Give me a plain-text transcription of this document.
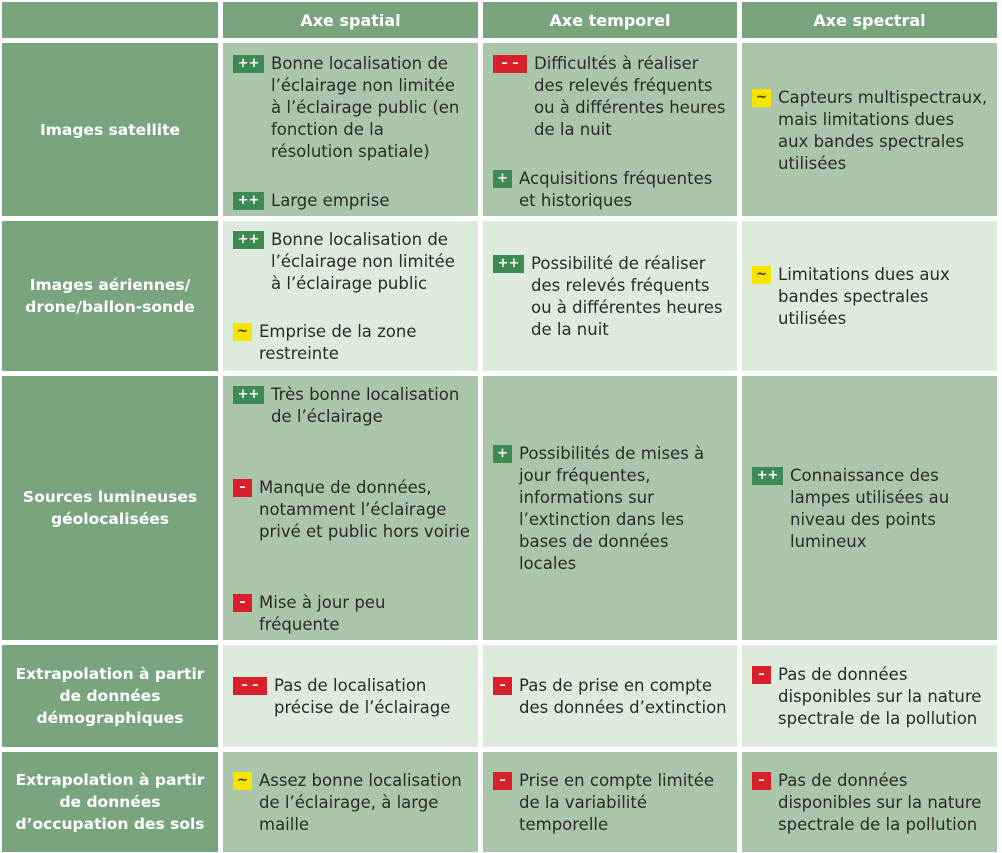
Axe spatial	Axe temporel	Axe spectral
Images satellite
++ Bonne localisation de l’éclairage non limitée à l’éclairage public (en fonction de la résolution spatiale)
++ Large emprise
– – Difficultés à réaliser des relevés fréquents ou à différentes heures de la nuit
+ Acquisitions fréquentes et historiques
~ Capteurs multispectraux, mais limitations dues aux bandes spectrales utilisées
Images aériennes/ drone/ballon-sonde
++ Bonne localisation de l’éclairage non limitée à l’éclairage public
~ Emprise de la zone restreinte
++ Possibilité de réaliser des relevés fréquents ou à différentes heures de la nuit
~ Limitations dues aux bandes spectrales utilisées
Sources lumineuses géolocalisées
++ Très bonne localisation de l’éclairage
– Manque de données, notamment l’éclairage privé et public hors voirie
– Mise à jour peu fréquente
+ Possibilités de mises à jour fréquentes, informations sur l’extinction dans les bases de données locales
++ Connaissance des lampes utilisées au niveau des points lumineux
Extrapolation à partir de données démographiques
– – Pas de localisation précise de l’éclairage
– Pas de prise en compte des données d’extinction
– Pas de données disponibles sur la nature spectrale de la pollution
Extrapolation à partir de données d’occupation des sols
~ Assez bonne localisation de l’éclairage, à large maille
– Prise en compte limitée de la variabilité temporelle
– Pas de données disponibles sur la nature spectrale de la pollution
